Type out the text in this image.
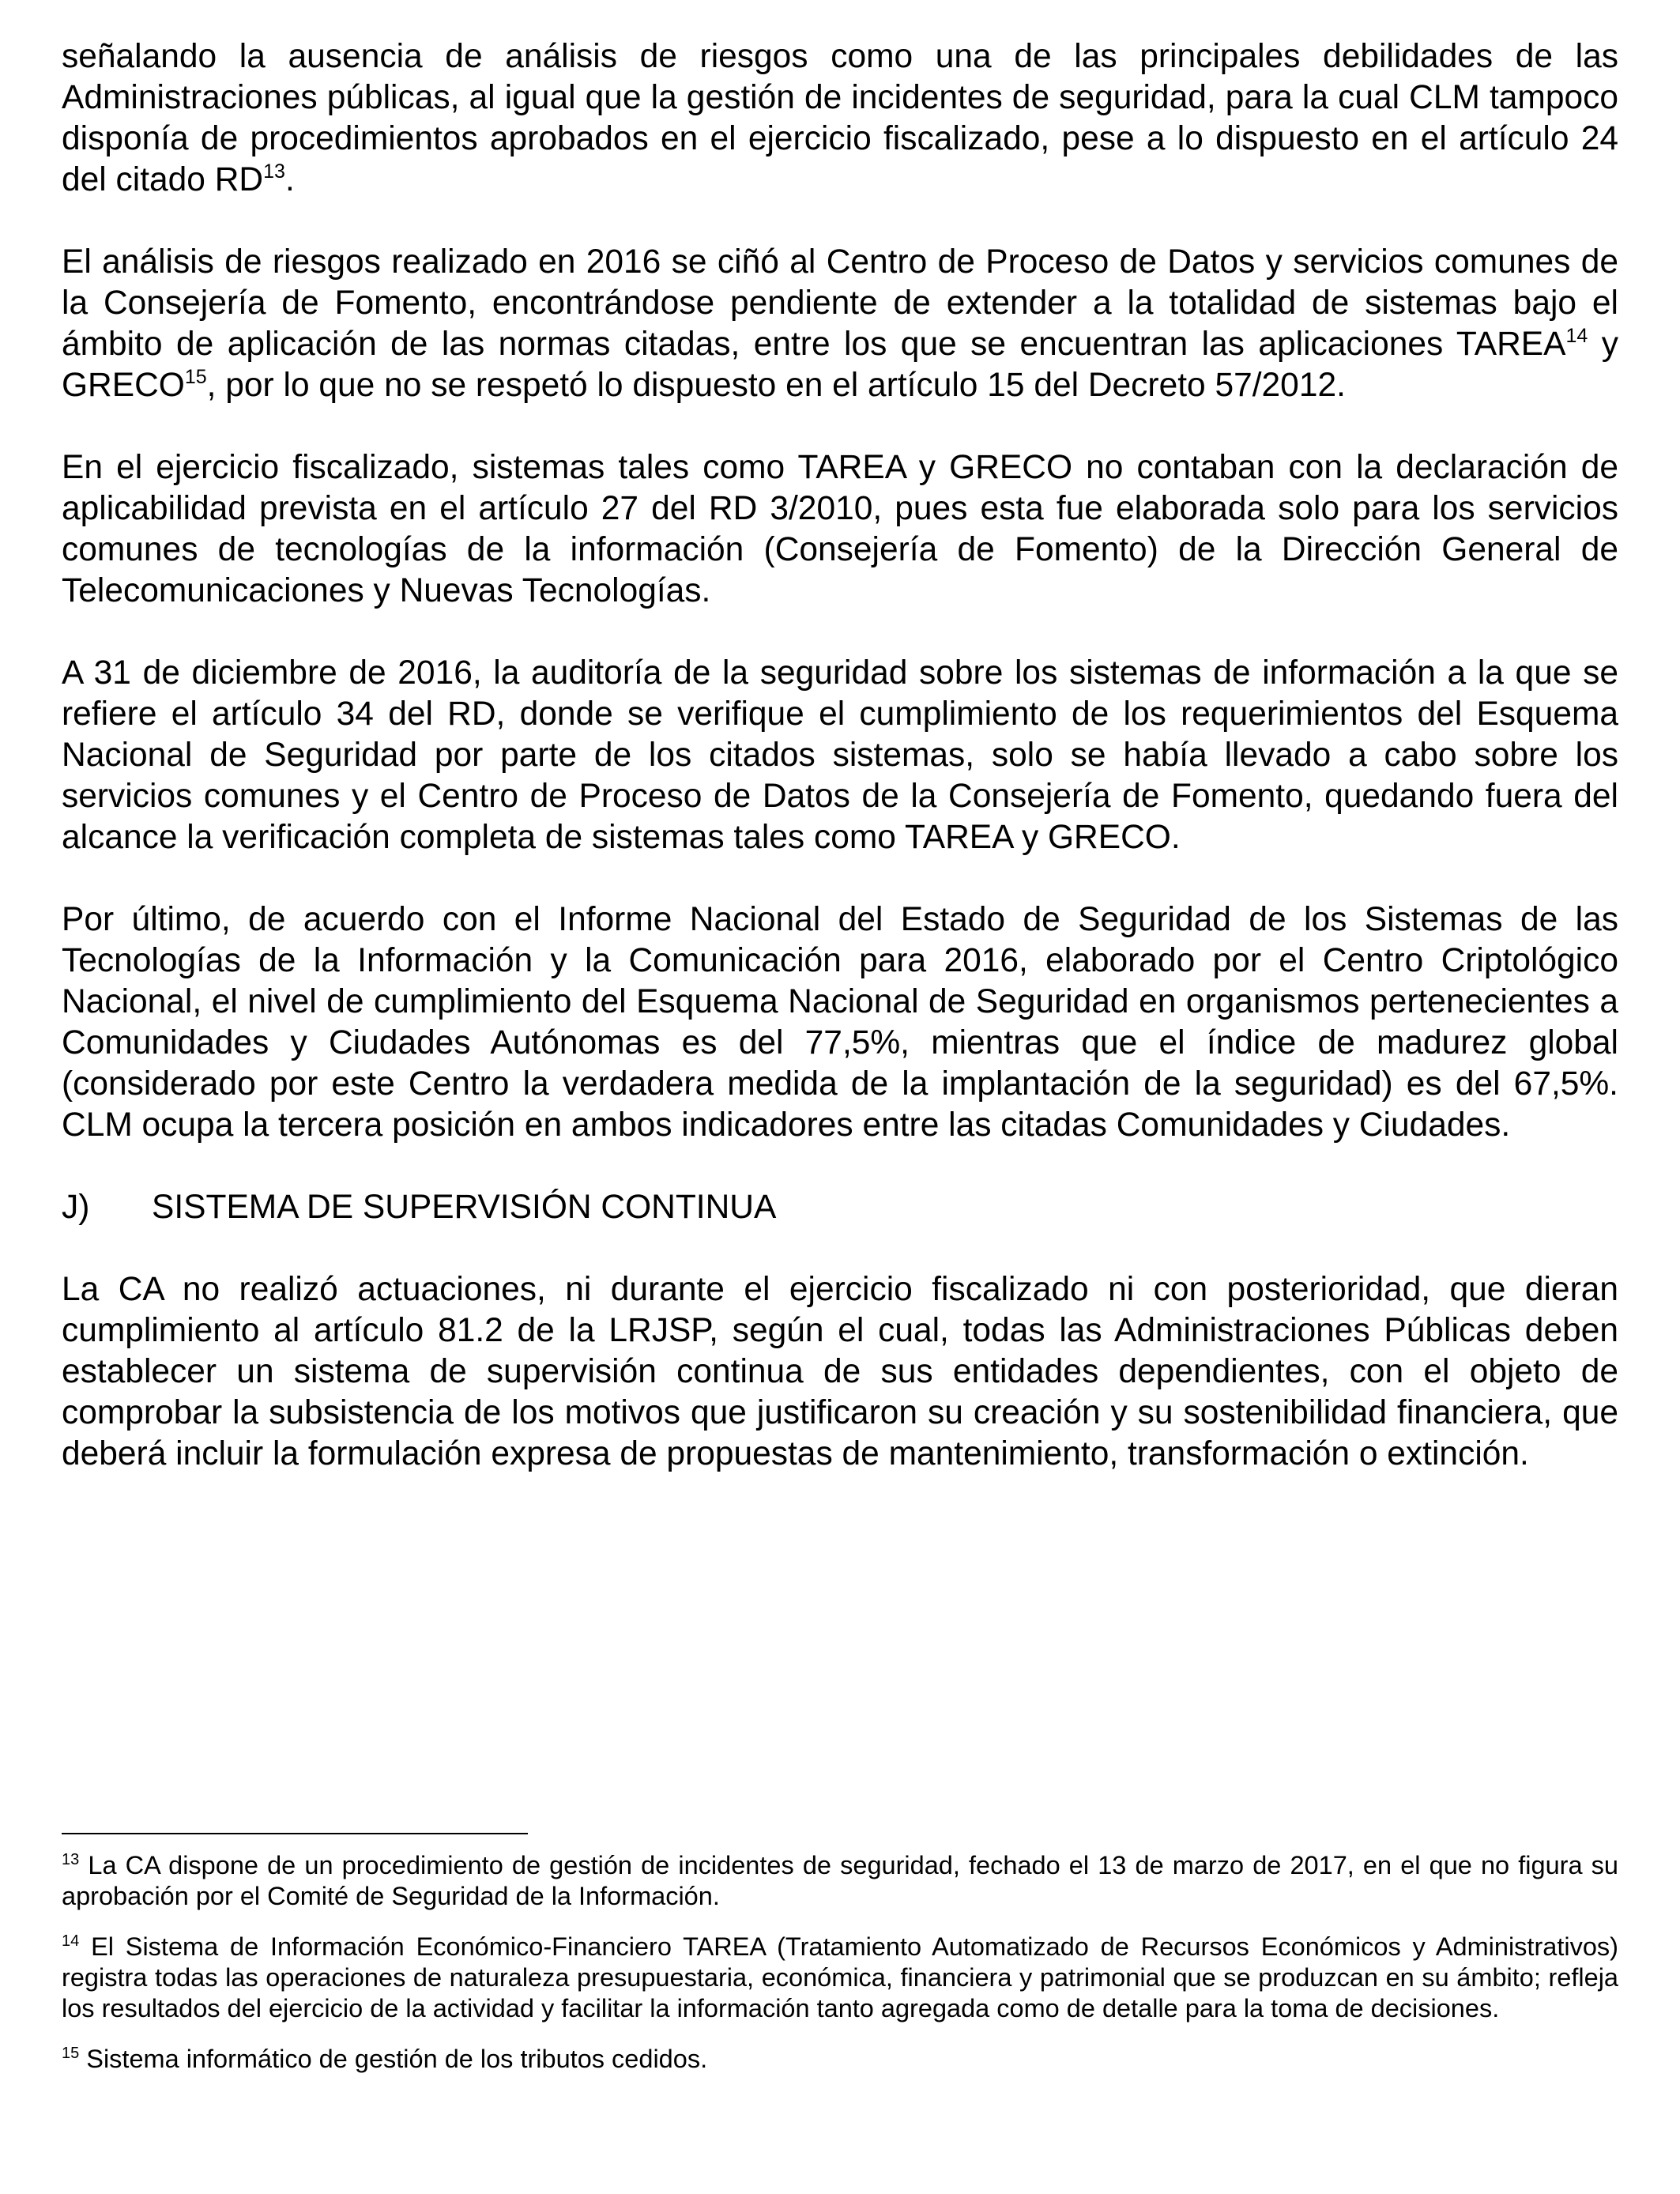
señalando la ausencia de análisis de riesgos como una de las principales debilidades de las Administraciones públicas, al igual que la gestión de incidentes de seguridad, para la cual CLM tampoco disponía de procedimientos aprobados en el ejercicio fiscalizado, pese a lo dispuesto en el artículo 24 del citado RD$^{13}$.

El análisis de riesgos realizado en 2016 se ciñó al Centro de Proceso de Datos y servicios comunes de la Consejería de Fomento, encontrándose pendiente de extender a la totalidad de sistemas bajo el ámbito de aplicación de las normas citadas, entre los que se encuentran las aplicaciones TAREA$^{14}$ y GRECO$^{15}$, por lo que no se respetó lo dispuesto en el artículo 15 del Decreto 57/2012.

En el ejercicio fiscalizado, sistemas tales como TAREA y GRECO no contaban con la declaración de aplicabilidad prevista en el artículo 27 del RD 3/2010, pues esta fue elaborada solo para los servicios comunes de tecnologías de la información (Consejería de Fomento) de la Dirección General de Telecomunicaciones y Nuevas Tecnologías.

A 31 de diciembre de 2016, la auditoría de la seguridad sobre los sistemas de información a la que se refiere el artículo 34 del RD, donde se verifique el cumplimiento de los requerimientos del Esquema Nacional de Seguridad por parte de los citados sistemas, solo se había llevado a cabo sobre los servicios comunes y el Centro de Proceso de Datos de la Consejería de Fomento, quedando fuera del alcance la verificación completa de sistemas tales como TAREA y GRECO.

Por último, de acuerdo con el Informe Nacional del Estado de Seguridad de los Sistemas de las Tecnologías de la Información y la Comunicación para 2016, elaborado por el Centro Criptológico Nacional, el nivel de cumplimiento del Esquema Nacional de Seguridad en organismos pertenecientes a Comunidades y Ciudades Autónomas es del 77,5%, mientras que el índice de madurez global (considerado por este Centro la verdadera medida de la implantación de la seguridad) es del 67,5%. CLM ocupa la tercera posición en ambos indicadores entre las citadas Comunidades y Ciudades.

J) SISTEMA DE SUPERVISIÓN CONTINUA

La CA no realizó actuaciones, ni durante el ejercicio fiscalizado ni con posterioridad, que dieran cumplimiento al artículo 81.2 de la LRJSP, según el cual, todas las Administraciones Públicas deben establecer un sistema de supervisión continua de sus entidades dependientes, con el objeto de comprobar la subsistencia de los motivos que justificaron su creación y su sostenibilidad financiera, que deberá incluir la formulación expresa de propuestas de mantenimiento, transformación o extinción.

$^{13}$ La CA dispone de un procedimiento de gestión de incidentes de seguridad, fechado el 13 de marzo de 2017, en el que no figura su aprobación por el Comité de Seguridad de la Información.

$^{14}$ El Sistema de Información Económico-Financiero TAREA (Tratamiento Automatizado de Recursos Económicos y Administrativos) registra todas las operaciones de naturaleza presupuestaria, económica, financiera y patrimonial que se produzcan en su ámbito; refleja los resultados del ejercicio de la actividad y facilitar la información tanto agregada como de detalle para la toma de decisiones.

$^{15}$ Sistema informático de gestión de los tributos cedidos.
